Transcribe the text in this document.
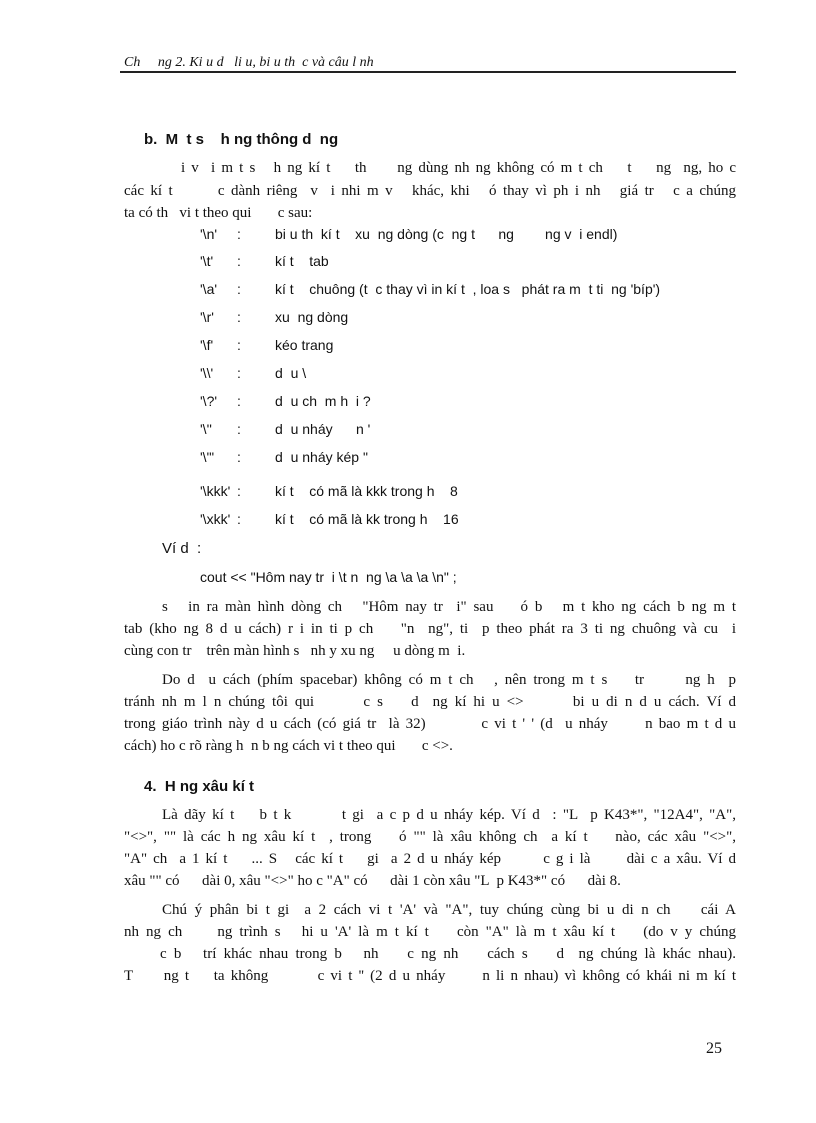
Ch     ng 2. Ki u d   li u, bi u th  c và câu l nh
b.  M  t s    h ng thông d  ng
i v  i m t s   h ng kí t    th     ng dùng nh ng không có m t ch    t    ng  ng, ho c
các kí t       c dành riêng  v  i nhi m v   khác, khi   ó thay vì ph i nh   giá tr   c a chúng
ta có th   vi t theo qui       c sau:
'\n' : bi u th  kí t    xu  ng dòng (c  ng t      ng        ng v  i endl)
'\t' : kí t    tab
'\a' : kí t    chuông (t  c thay vì in kí t  , loa s   phát ra m  t ti  ng 'bíp')
'\r' : xu  ng dòng
'\f' : kéo trang
'\\' : d  u \
'\?' : d  u ch  m h  i ?
'\'' : d  u nháy      n '
'\"' : d  u nháy kép "
'\kkk' : kí t    có mã là kkk trong h    8
'\xkk' : kí t    có mã là kk trong h    16
Ví d  :
cout << "Hôm nay tr  i \t n  ng \a \a \a \n" ;
s   in ra màn hình dòng ch   "Hôm nay tr  i" sau    ó b   m t kho ng cách b ng m t
tab (kho ng 8 d u cách) r i in ti p ch    "n  ng", ti  p theo phát ra 3 ti ng chuông và cu  i
cùng con tr    trên màn hình s   nh y xu ng     u dòng m  i.
Do d  u cách (phím spacebar) không có m t ch   , nên trong m t s    tr      ng h  p
tránh nh m l n chúng tôi qui       c s    d  ng kí hi u <>       bi u di n d u cách. Ví d
trong giáo trình này d u cách (có giá tr  là 32)         c vi t ' ' (d  u nháy      n bao m t d u
cách) ho c rõ ràng h  n b ng cách vi t theo qui       c <>.
4.  H ng xâu kí t
Là dãy kí t    b t k        t gi  a c p d u nháy kép. Ví d  : "L  p K43*", "12A4", "A",
"<>", "" là các h ng xâu kí t  , trong    ó "" là xâu không ch  a kí t    nào, các xâu "<>",
"A" ch  a 1 kí t    ... S   các kí t    gi  a 2 d u nháy kép       c g i là      dài c a xâu. Ví d
xâu "" có      dài 0, xâu "<>" ho c "A" có      dài 1 còn xâu "L  p K43*" có      dài 8.
Chú ý phân bi t gi  a 2 cách vi t 'A' và "A", tuy chúng cùng bi u di n ch    cái A
nh ng ch     ng trình s   hi u 'A' là m t kí t    còn "A" là m t xâu kí t    (do v y chúng
c b   trí khác nhau trong b   nh    c ng nh    cách s    d  ng chúng là khác nhau).
T     ng t    ta không        c vi t '' (2 d u nháy      n li n nhau) vì không có khái ni m kí t
25
